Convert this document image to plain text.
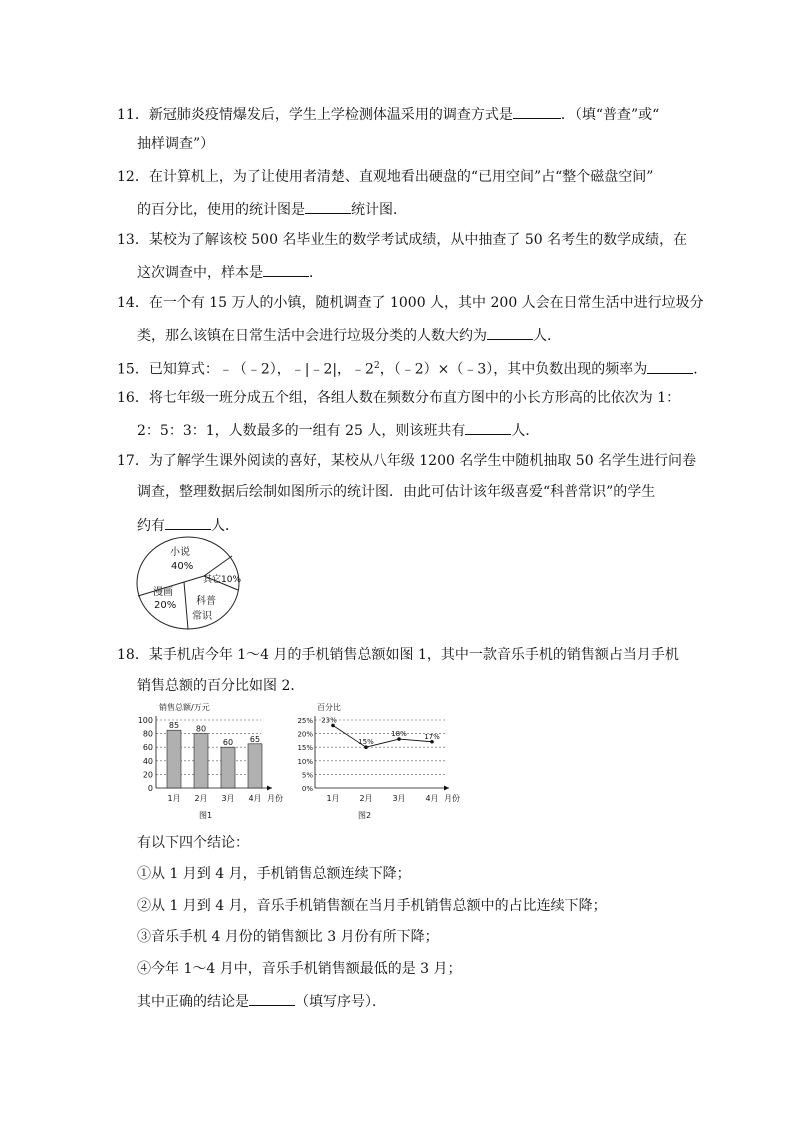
11．新冠肺炎疫情爆发后，学生上学检测体温采用的调查方式是	．（填“普查”或“
抽样调查”）
12．在计算机上，为了让使用者清楚、直观地看出硬盘的“已用空间”占“整个磁盘空间”
的百分比，使用的统计图是	统计图．
13．某校为了解该校 500 名毕业生的数学考试成绩，从中抽查了 50 名考生的数学成绩，在
这次调查中，样本是	．
14．在一个有 15 万人的小镇，随机调查了 1000 人，其中 200 人会在日常生活中进行垃圾分
类，那么该镇在日常生活中会进行垃圾分类的人数大约为	人．
15．已知算式：﹣（﹣2），﹣|﹣2|，$﹣2^2$，（﹣2）×（﹣3），其中负数出现的频率为	．
16．将七年级一班分成五个组，各组人数在频数分布直方图中的小长方形高的比依次为 1：
2：5：3：1，人数最多的一组有 25 人，则该班共有	人．
17．为了解学生课外阅读的喜好，某校从八年级 1200 名学生中随机抽取 50 名学生进行问卷
调查，整理数据后绘制如图所示的统计图．由此可估计该年级喜爱“科普常识”的学生
约有	人．
小说
40%
其它10%
科普
常识
漫画
20%
18．某手机店今年 1～4 月的手机销售总额如图 1，其中一款音乐手机的销售额占当月手机
销售总额的百分比如图 2．
销售总额/万元
月份
图1
0
20
40
60
80
100
85
1月
80
2月
60
3月
65
4月
百分比
月份
图2
0%
5%
10%
15%
20%
25% 23%
1月
15%
2月
18%
3月
17%
4月
有以下四个结论：
①从 1 月到 4 月，手机销售总额连续下降；
②从 1 月到 4 月，音乐手机销售额在当月手机销售总额中的占比连续下降；
③音乐手机 4 月份的销售额比 3 月份有所下降；
④今年 1～4 月中，音乐手机销售额最低的是 3 月；
其中正确的结论是	（填写序号）．
